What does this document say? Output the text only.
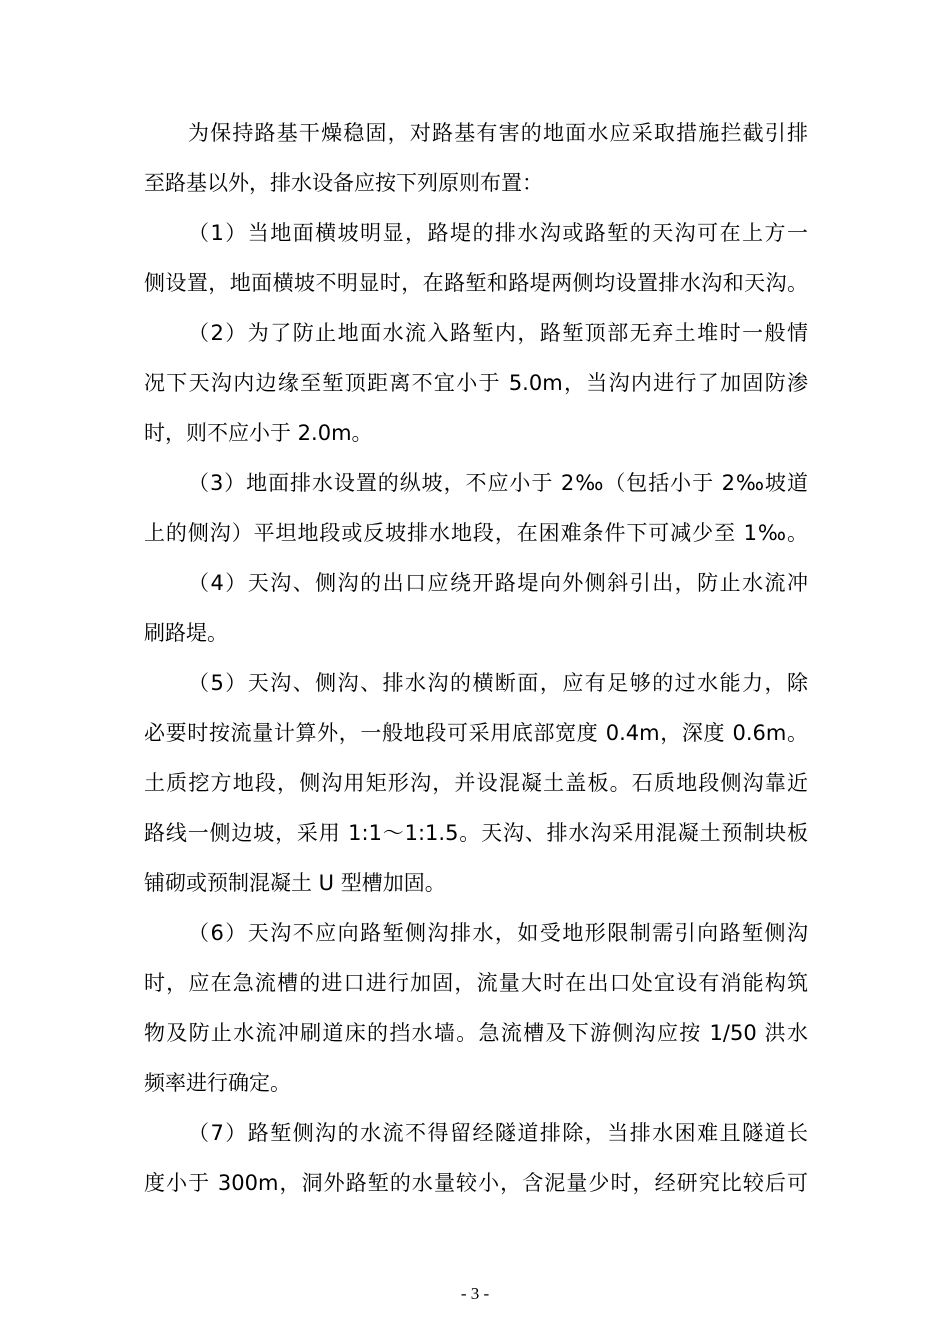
为保持路基干燥稳固，对路基有害的地面水应采取措施拦截引排
至路基以外，排水设备应按下列原则布置：
（1）当地面横坡明显，路堤的排水沟或路堑的天沟可在上方一
侧设置，地面横坡不明显时，在路堑和路堤两侧均设置排水沟和天沟。
（2）为了防止地面水流入路堑内，路堑顶部无弃土堆时一般情
况下天沟内边缘至堑顶距离不宜小于 5.0m，当沟内进行了加固防渗
时，则不应小于 2.0m。
（3）地面排水设置的纵坡，不应小于 2‰（包括小于 2‰坡道
上的侧沟）平坦地段或反坡排水地段，在困难条件下可减少至 1‰。
（4）天沟、侧沟的出口应绕开路堤向外侧斜引出，防止水流冲
刷路堤。
（5）天沟、侧沟、排水沟的横断面，应有足够的过水能力，除
必要时按流量计算外，一般地段可采用底部宽度 0.4m，深度 0.6m。
土质挖方地段，侧沟用矩形沟，并设混凝土盖板。石质地段侧沟靠近
路线一侧边坡，采用 1:1～1:1.5。天沟、排水沟采用混凝土预制块板
铺砌或预制混凝土 U 型槽加固。
（6）天沟不应向路堑侧沟排水，如受地形限制需引向路堑侧沟
时，应在急流槽的进口进行加固，流量大时在出口处宜设有消能构筑
物及防止水流冲刷道床的挡水墙。急流槽及下游侧沟应按 1/50 洪水
频率进行确定。
（7）路堑侧沟的水流不得留经隧道排除，当排水困难且隧道长
度小于 300m，洞外路堑的水量较小，含泥量少时，经研究比较后可
- 3 -
